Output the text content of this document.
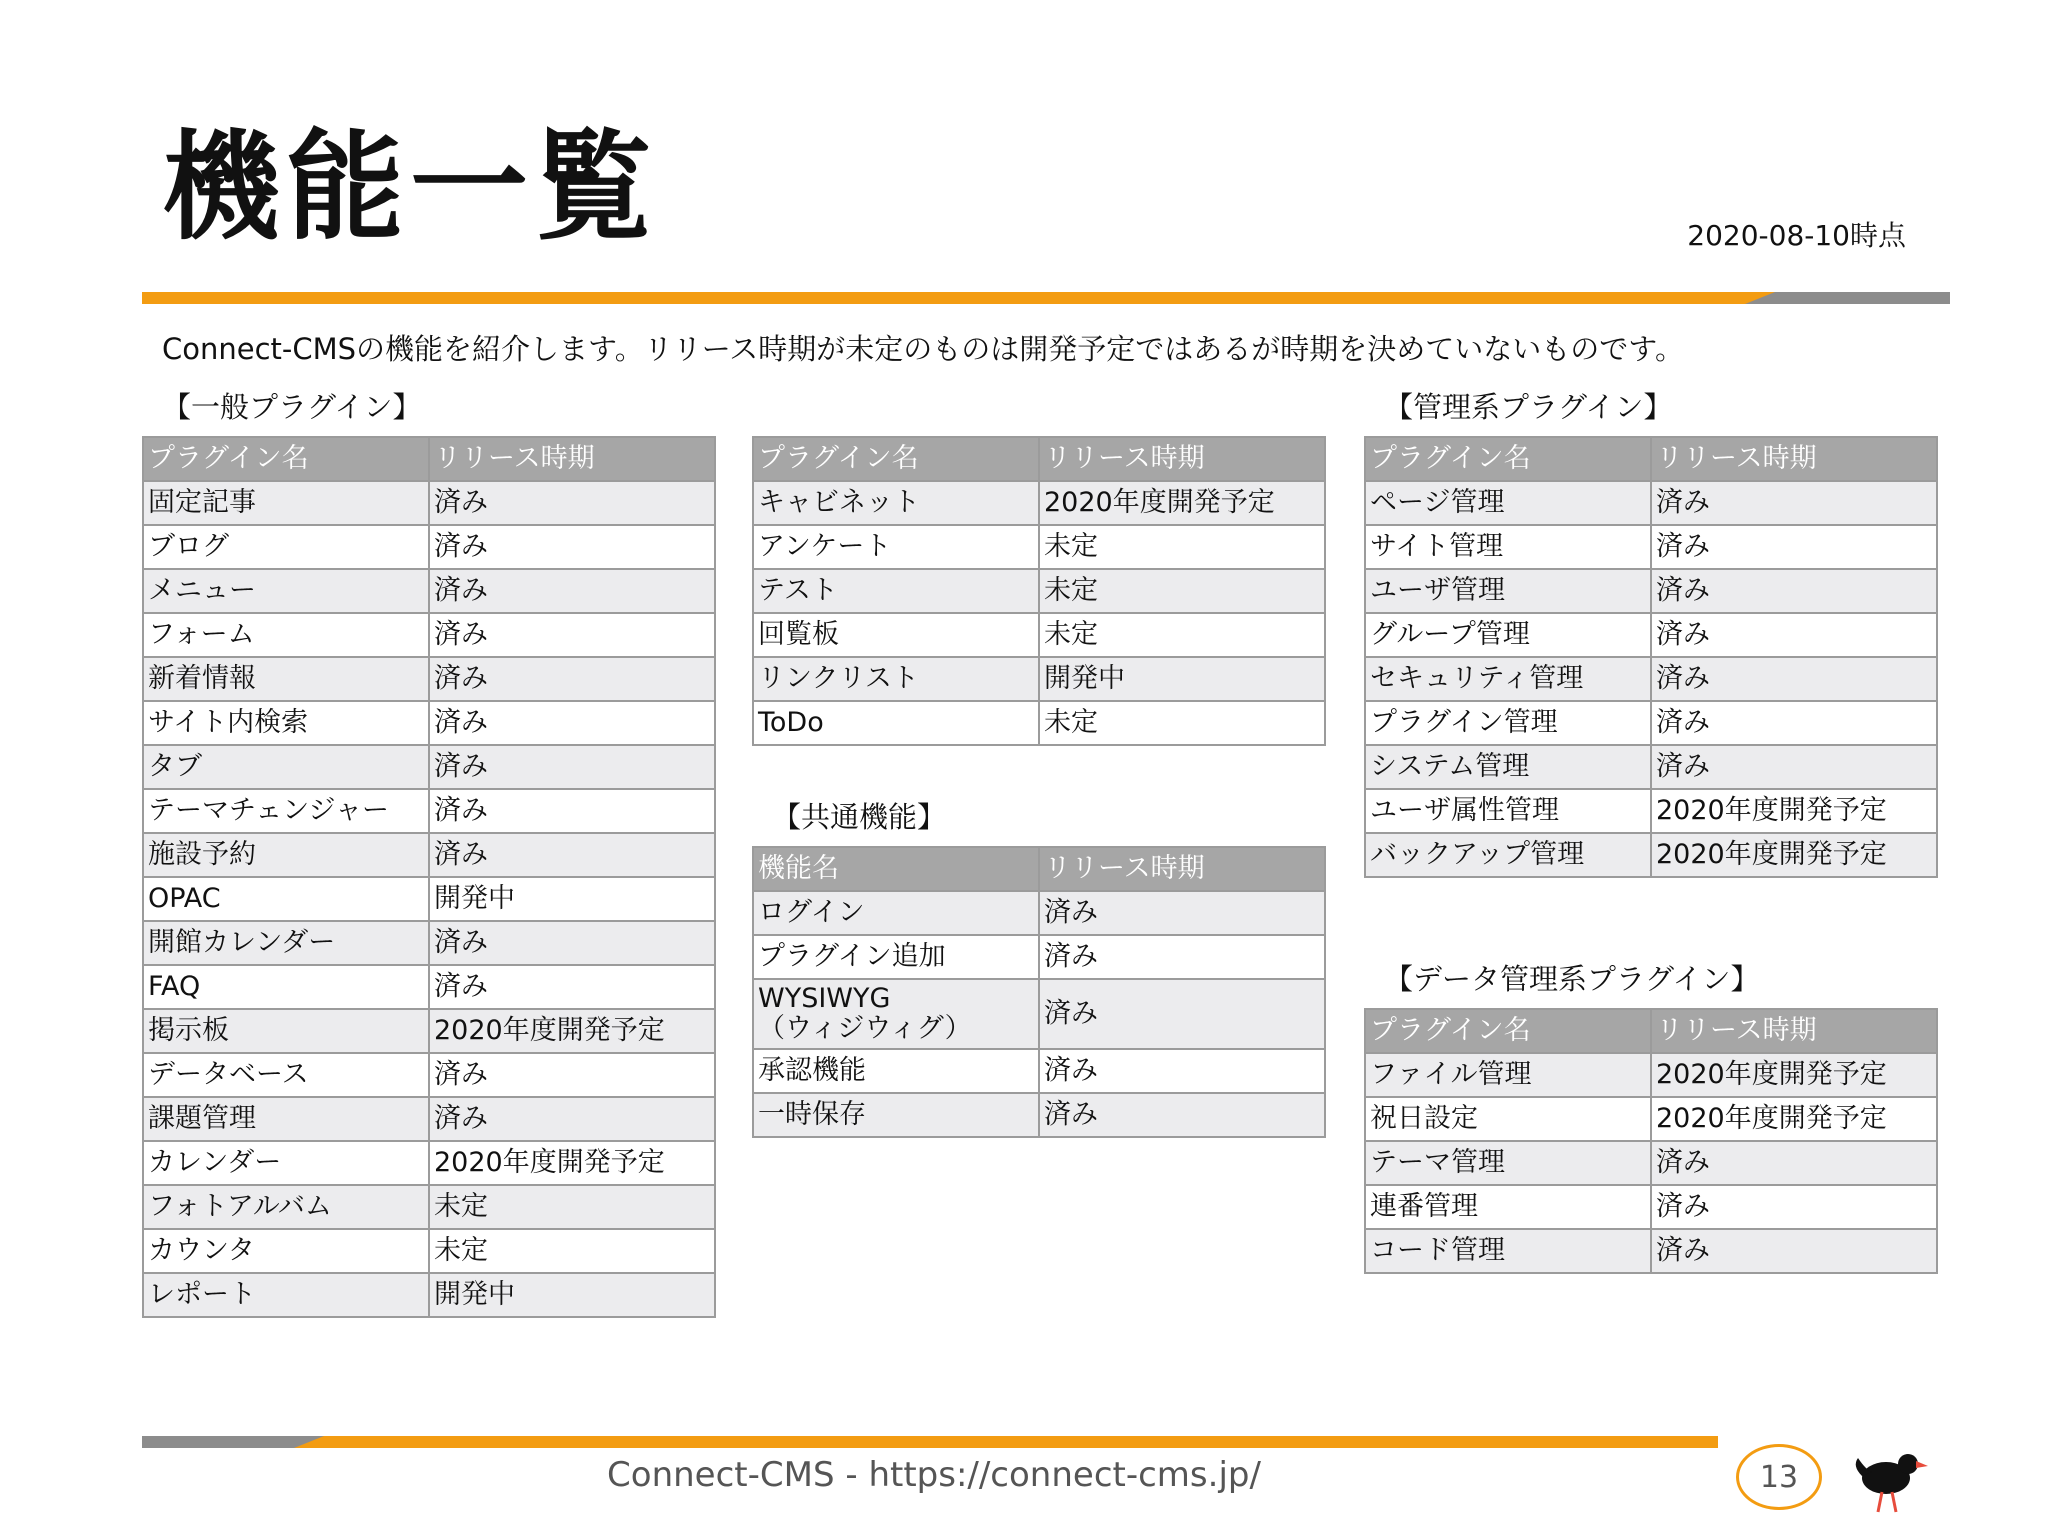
機能一覧	2020-08-10時点
Connect-CMSの機能を紹介します。リリース時期が未定のものは開発予定ではあるが時期を決めていないものです。
【一般プラグイン】
プラグイン名	リリース時期
固定記事	済み
ブログ	済み
メニュー	済み
フォーム	済み
新着情報	済み
サイト内検索	済み
タブ	済み
テーマチェンジャー	済み
施設予約	済み
OPAC	開発中
開館カレンダー	済み
FAQ	済み
掲示板	2020年度開発予定
データベース	済み
課題管理	済み
カレンダー	2020年度開発予定
フォトアルバム	未定
カウンタ	未定
レポート	開発中
プラグイン名	リリース時期
キャビネット	2020年度開発予定
アンケート	未定
テスト	未定
回覧板	未定
リンクリスト	開発中
ToDo	未定
【共通機能】
機能名	リリース時期
ログイン	済み
プラグイン追加	済み
WYSIWYG
（ウィジウィグ）	済み
承認機能	済み
一時保存	済み
【管理系プラグイン】
プラグイン名	リリース時期
ページ管理	済み
サイト管理	済み
ユーザ管理	済み
グループ管理	済み
セキュリティ管理	済み
プラグイン管理	済み
システム管理	済み
ユーザ属性管理	2020年度開発予定
バックアップ管理	2020年度開発予定
【データ管理系プラグイン】
プラグイン名	リリース時期
ファイル管理	2020年度開発予定
祝日設定	2020年度開発予定
テーマ管理	済み
連番管理	済み
コード管理	済み
Connect-CMS - https://connect-cms.jp/	13
